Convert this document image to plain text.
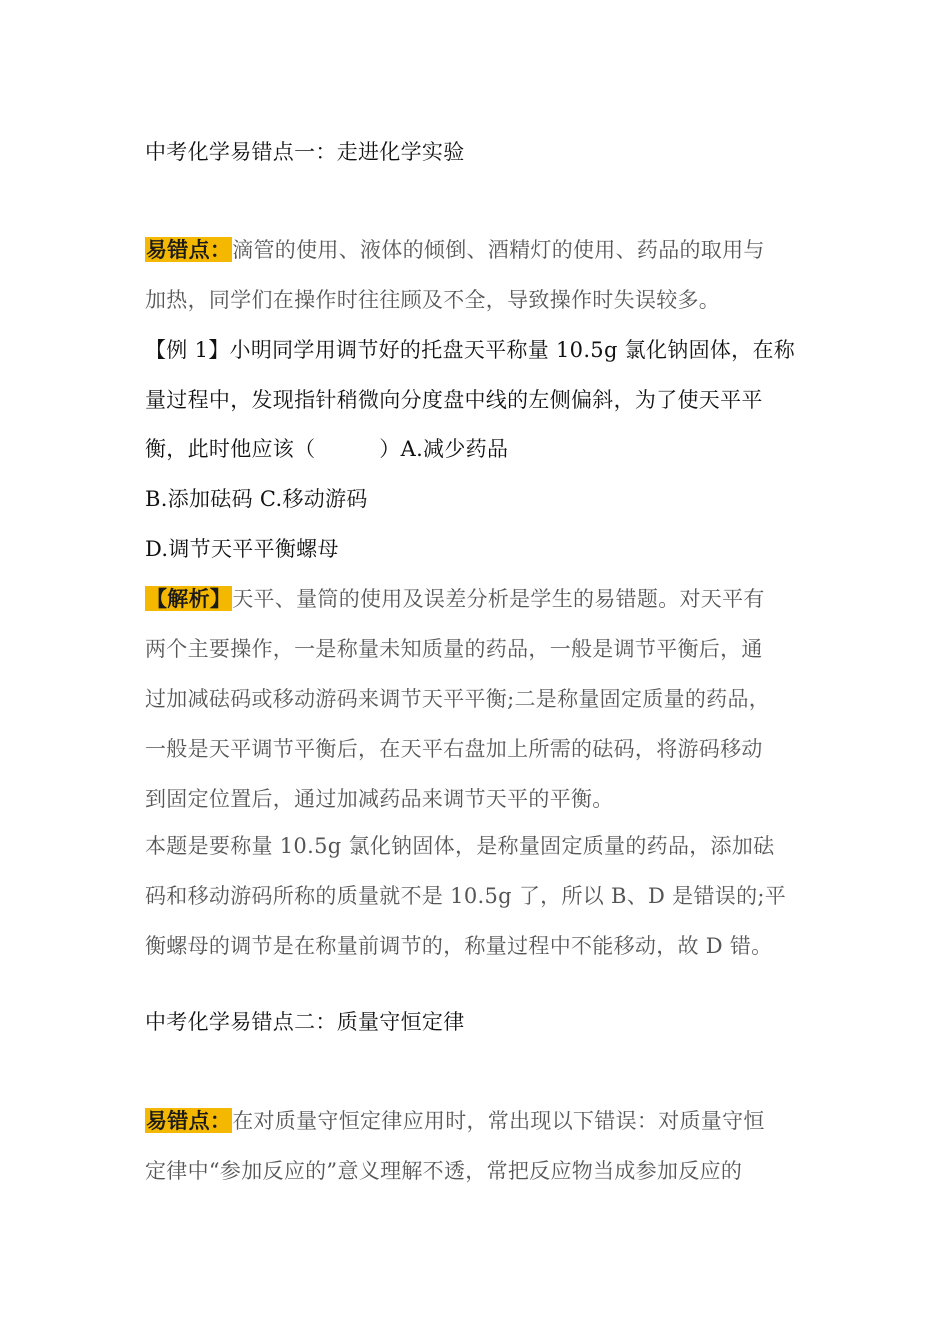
中考化学易错点一：走进化学实验
易错点：滴管的使用、液体的倾倒、酒精灯的使用、药品的取用与
加热，同学们在操作时往往顾及不全，导致操作时失误较多。
【例 1】小明同学用调节好的托盘天平称量 10.5g 氯化钠固体，在称
量过程中，发现指针稍微向分度盘中线的左侧偏斜，为了使天平平
衡，此时他应该（　　　）A.减少药品
B.添加砝码 C.移动游码
D.调节天平平衡螺母
【解析】天平、量筒的使用及误差分析是学生的易错题。对天平有
两个主要操作，一是称量未知质量的药品，一般是调节平衡后，通
过加减砝码或移动游码来调节天平平衡;二是称量固定质量的药品，
一般是天平调节平衡后，在天平右盘加上所需的砝码，将游码移动
到固定位置后，通过加减药品来调节天平的平衡。
本题是要称量 10.5g 氯化钠固体，是称量固定质量的药品，添加砝
码和移动游码所称的质量就不是 10.5g 了，所以 B、D 是错误的;平
衡螺母的调节是在称量前调节的，称量过程中不能移动，故 D 错。
中考化学易错点二：质量守恒定律
易错点：在对质量守恒定律应用时，常出现以下错误：对质量守恒
定律中“参加反应的”意义理解不透，常把反应物当成参加反应的
